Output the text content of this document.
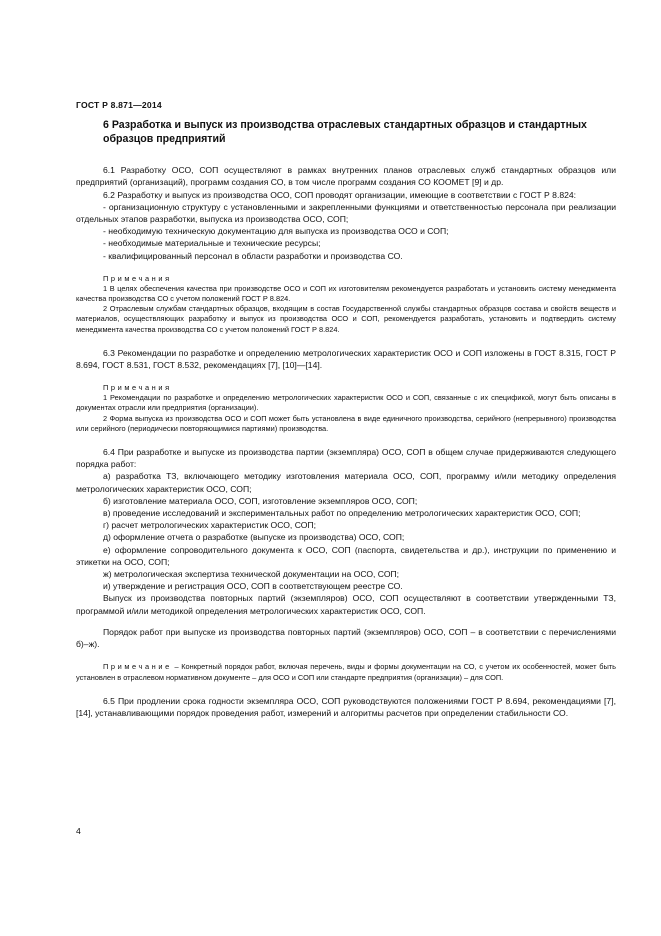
ГОСТ Р 8.871—2014
6 Разработка и выпуск из производства отраслевых стандартных образцов и стандартных образцов предприятий

6.1 Разработку ОСО, СОП осуществляют в рамках внутренних планов отраслевых служб стандартных образцов или предприятий (организаций), программ создания СО, в том числе программ создания СО КООМЕТ [9] и др.

6.2 Разработку и выпуск из производства ОСО, СОП проводят организации, имеющие в соответствии с ГОСТ Р 8.824:

- организационную структуру с установленными и закрепленными функциями и ответственностью персонала при реализации отдельных этапов разработки, выпуска из производства ОСО, СОП;

- необходимую техническую документацию для выпуска из производства ОСО и СОП;

- необходимые материальные и технические ресурсы;

- квалифицированный персонал в области разработки и производства СО.

Примечания

1 В целях обеспечения качества при производстве ОСО и СОП их изготовителям рекомендуется разработать и установить систему менеджмента качества производства СО с учетом положений ГОСТ Р 8.824.

2 Отраслевым службам стандартных образцов, входящим в состав Государственной службы стандартных образцов состава и свойств веществ и материалов, осуществляющих разработку и выпуск из производства ОСО и СОП, рекомендуется разработать, установить и подтвердить систему менеджмента качества производства СО с учетом положений ГОСТ Р 8.824.

6.3 Рекомендации по разработке и определению метрологических характеристик ОСО и СОП изложены в ГОСТ 8.315, ГОСТ Р 8.694, ГОСТ 8.531, ГОСТ 8.532, рекомендациях [7], [10]—[14].

Примечания

1 Рекомендации по разработке и определению метрологических характеристик ОСО и СОП, связанные с их спецификой, могут быть описаны в документах отрасли или предприятия (организации).

2 Форма выпуска из производства ОСО и СОП может быть установлена в виде единичного производства, серийного (непрерывного) производства или серийного (периодически повторяющимися партиями) производства.

6.4 При разработке и выпуске из производства партии (экземпляра) ОСО, СОП в общем случае придерживаются следующего порядка работ:

а) разработка ТЗ, включающего методику изготовления материала ОСО, СОП, программу и/или методику определения метрологических характеристик ОСО, СОП;

б) изготовление материала ОСО, СОП, изготовление экземпляров ОСО, СОП;

в) проведение исследований и экспериментальных работ по определению метрологических характеристик ОСО, СОП;

г) расчет метрологических характеристик ОСО, СОП;

д) оформление отчета о разработке (выпуске из производства) ОСО, СОП;

е) оформление сопроводительного документа к ОСО, СОП (паспорта, свидетельства и др.), инструкции по применению и этикетки на ОСО, СОП;

ж) метрологическая экспертиза технической документации на ОСО, СОП;

и) утверждение и регистрация ОСО, СОП в соответствующем реестре СО.

Выпуск из производства повторных партий (экземпляров) ОСО, СОП осуществляют в соответствии утвержденными ТЗ, программой и/или методикой определения метрологических характеристик ОСО, СОП.

Порядок работ при выпуске из производства повторных партий (экземпляров) ОСО, СОП – в соответствии с перечислениями б)–ж).

Примечание – Конкретный порядок работ, включая перечень, виды и формы документации на СО, с учетом их особенностей, может быть установлен в отраслевом нормативном документе – для ОСО и СОП или стандарте предприятия (организации) – для СОП.

6.5 При продлении срока годности экземпляра ОСО, СОП руководствуются положениями ГОСТ Р 8.694, рекомендациями [7], [14], устанавливающими порядок проведения работ, измерений и алгоритмы расчетов при определении стабильности СО.

4
